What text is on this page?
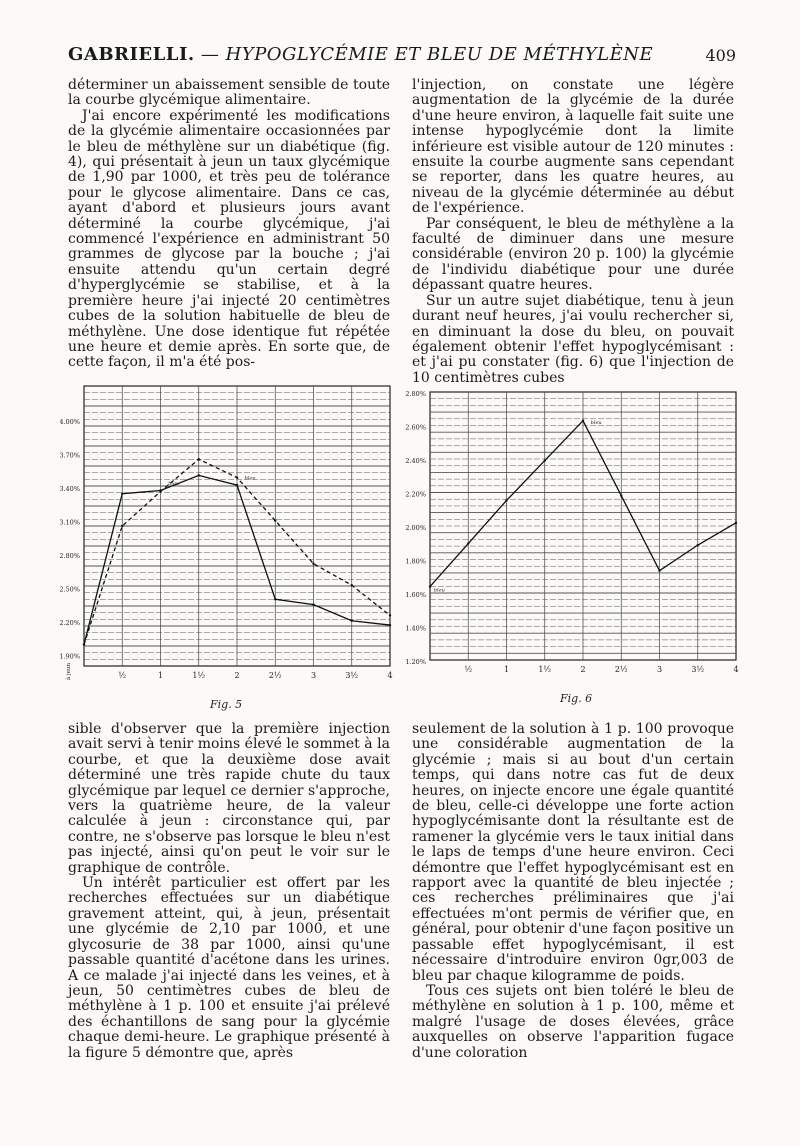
GABRIELLI. — HYPOGLYCÉMIE ET BLEU DE MÉTHYLÈNE	409

déterminer un abaissement sensible de toute la courbe glycémique alimentaire.

J'ai encore expérimenté les modifications de la glycémie alimentaire occasionnées par le bleu de méthylène sur un diabétique (fig. 4), qui présentait à jeun un taux glycémique de 1,90 par 1000, et très peu de tolérance pour le glycose alimentaire. Dans ce cas, ayant d'abord et plusieurs jours avant déterminé la courbe glycémique, j'ai commencé l'expérience en administrant 50 grammes de glycose par la bouche ; j'ai ensuite attendu qu'un certain degré d'hyperglycémie se stabilise, et à la première heure j'ai injecté 20 centimètres cubes de la solution habituelle de bleu de méthylène. Une dose identique fut répétée une heure et demie après. En sorte que, de cette façon, il m'a été pos-

l'injection, on constate une légère augmentation de la glycémie de la durée d'une heure environ, à laquelle fait suite une intense hypoglycémie dont la limite inférieure est visible autour de 120 minutes : ensuite la courbe augmente sans cependant se reporter, dans les quatre heures, au niveau de la glycémie déterminée au début de l'expérience.

Par conséquent, le bleu de méthylène a la faculté de diminuer dans une mesure considérable (environ 20 p. 100) la glycémie de l'individu diabétique pour une durée dépassant quatre heures.

Sur un autre sujet diabétique, tenu à jeun durant neuf heures, j'ai voulu rechercher si, en diminuant la dose du bleu, on pouvait également obtenir l'effet hypoglycémisant : et j'ai pu constater (fig. 6) que l'injection de 10 centimètres cubes

4.00%
3.70%
3.40%
3.10%
2.80%
2.50%
2.20%
1.90%
½	1	1½	2	2½	3	3½	4
bleu
bleu
Fig. 5
à jeun
2.80%
2.60%
2.40%
2.20%
2.00%
1.80%
1.60%
1.40%
1.20%
½	1	1½	2	2½	3	3½	4
bleu
bleu
Fig. 6

sible d'observer que la première injection avait servi à tenir moins élevé le sommet à la courbe, et que la deuxième dose avait déterminé une très rapide chute du taux glycémique par lequel ce dernier s'approche, vers la quatrième heure, de la valeur calculée à jeun : circonstance qui, par contre, ne s'observe pas lorsque le bleu n'est pas injecté, ainsi qu'on peut le voir sur le graphique de contrôle.

Un intérêt particulier est offert par les recherches effectuées sur un diabétique gravement atteint, qui, à jeun, présentait une glycémie de 2,10 par 1000, et une glycosurie de 38 par 1000, ainsi qu'une passable quantité d'acétone dans les urines. A ce malade j'ai injecté dans les veines, et à jeun, 50 centimètres cubes de bleu de méthylène à 1 p. 100 et ensuite j'ai prélevé des échantillons de sang pour la glycémie chaque demi-heure. Le graphique présenté à la figure 5 démontre que, après

seulement de la solution à 1 p. 100 provoque une considérable augmentation de la glycémie ; mais si au bout d'un certain temps, qui dans notre cas fut de deux heures, on injecte encore une égale quantité de bleu, celle-ci développe une forte action hypoglycémisante dont la résultante est de ramener la glycémie vers le taux initial dans le laps de temps d'une heure environ. Ceci démontre que l'effet hypoglycémisant est en rapport avec la quantité de bleu injectée ; ces recherches préliminaires que j'ai effectuées m'ont permis de vérifier que, en général, pour obtenir d'une façon positive un passable effet hypoglycémisant, il est nécessaire d'introduire environ 0gr,003 de bleu par chaque kilogramme de poids.

Tous ces sujets ont bien toléré le bleu de méthylène en solution à 1 p. 100, même et malgré l'usage de doses élevées, grâce auxquelles on observe l'apparition fugace d'une coloration
